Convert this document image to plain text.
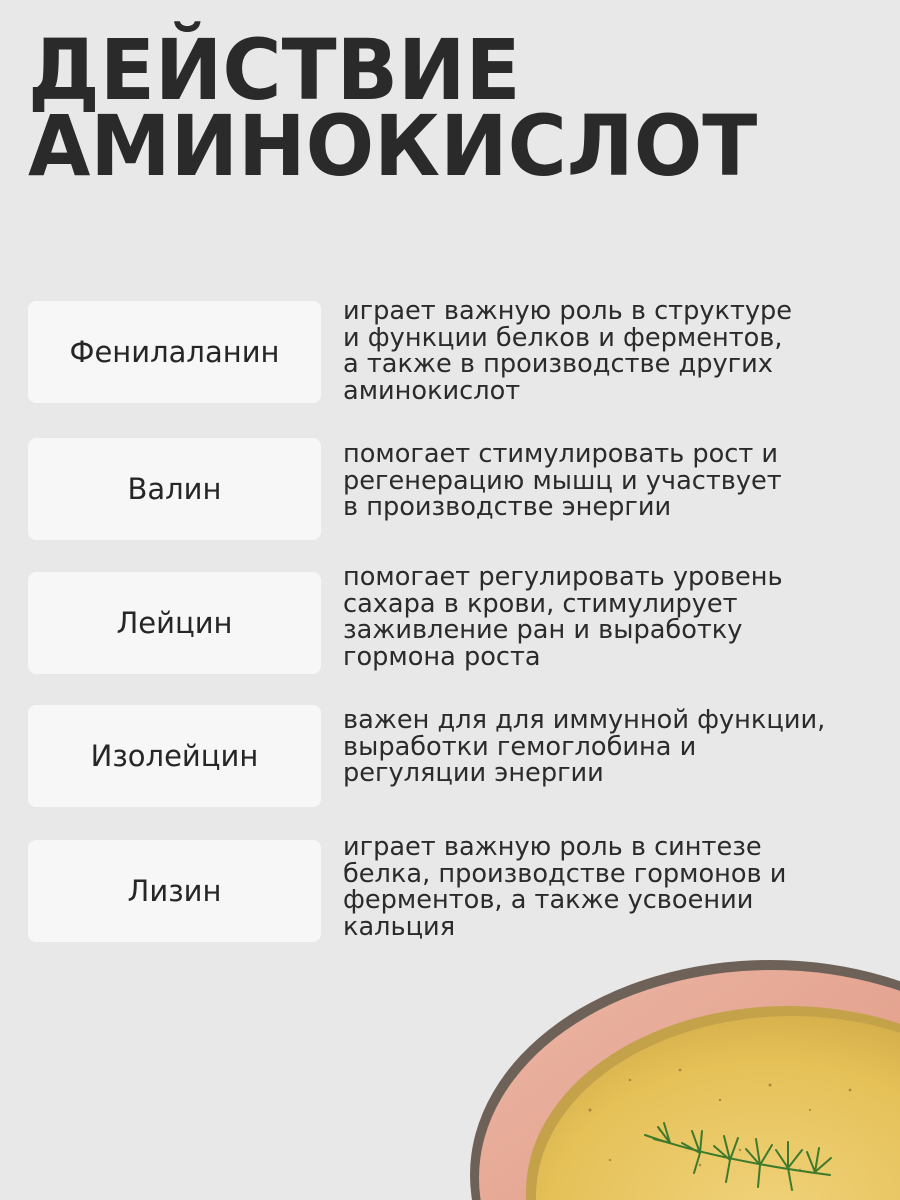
ДЕЙСТВИЕ
АМИНОКИСЛОТ
Фенилаланин
играет важную роль в структуре
и функции белков и ферментов,
а также в производстве других
аминокислот
Валин
помогает стимулировать рост и
регенерацию мышц и участвует
в производстве энергии
Лейцин
помогает регулировать уровень
сахара в крови, стимулирует
заживление ран и выработку
гормона роста
Изолейцин
важен для для иммунной функции,
выработки гемоглобина и
регуляции энергии
Лизин
играет важную роль в синтезе
белка, производстве гормонов и
ферментов, а также усвоении
кальция
